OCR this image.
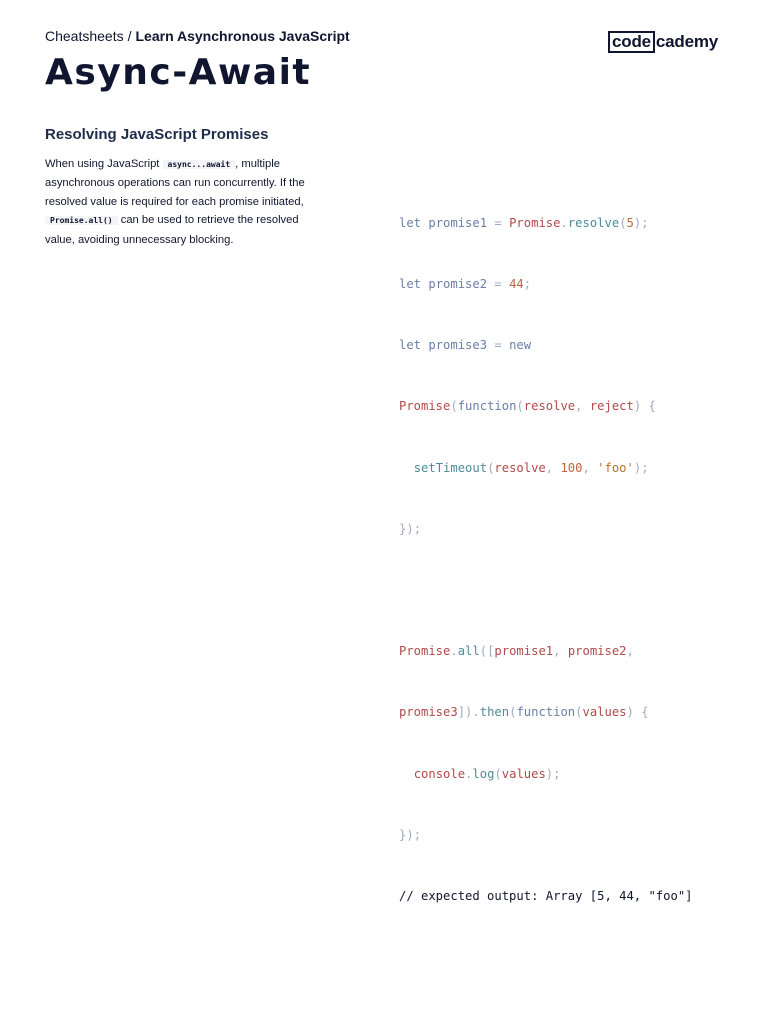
Cheatsheets / Learn Asynchronous JavaScript	code cademy
Async-Await
Resolving JavaScript Promises

When using JavaScript async...await , multiple asynchronous operations can run concurrently. If the resolved value is required for each promise initiated, Promise.all() can be used to retrieve the resolved value, avoiding unnecessary blocking.

let promise1 = Promise.resolve(5);

let promise2 = 44;

let promise3 = new

Promise(function(resolve, reject) {

setTimeout(resolve, 100, 'foo');

});

Promise.all([promise1, promise2,

promise3]).then(function(values) {

console.log(values);

});

// expected output: Array [5, 44, "foo"]
